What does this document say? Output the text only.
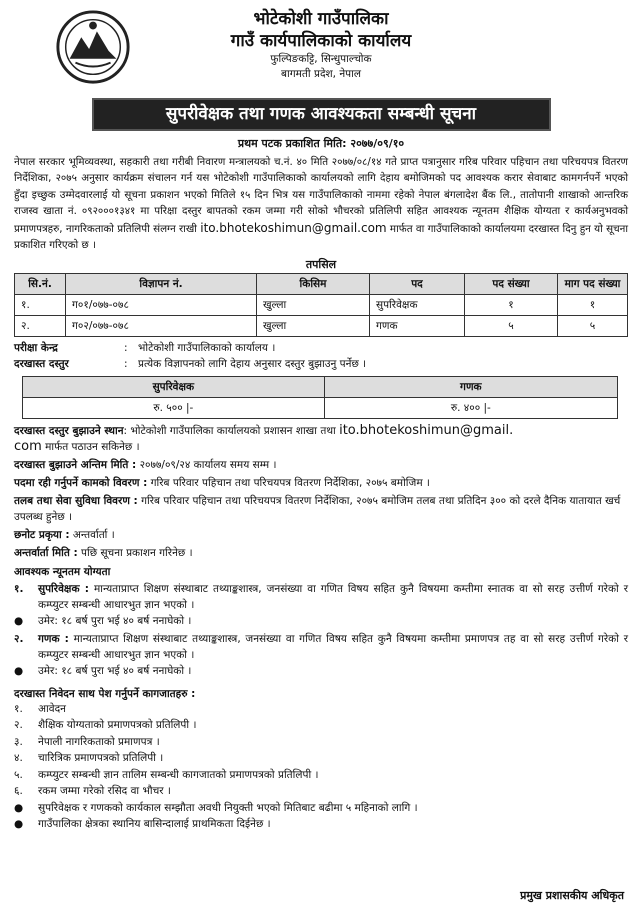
भोटेकोशी गाउँपालिका
गाउँ कार्यपालिकाको कार्यालय
फुल्पिङकट्टि, सिन्धुपाल्चोक
बागमती प्रदेश, नेपाल
सुपरीवेक्षक तथा गणक आवश्यकता सम्बन्धी सूचना
प्रथम पटक प्रकाशित मिति: २०७७/०९/१०
नेपाल सरकार भूमिव्यवस्था, सहकारी तथा गरीबी निवारण मन्त्रालयको च.नं. ४० मिति २०७७/०८/१४ गते प्राप्त पत्रानुसार गरिब परिवार पहिचान तथा परिचयपत्र वितरण निर्देशिका, २०७५ अनुसार कार्यक्रम संचालन गर्न यस भोटेकोशी गाउँपालिकाको कार्यालयको लागि देहाय बमोजिमको पद आवश्यक करार सेवाबाट कामगर्नपर्ने भएको हुँदा इच्छुक उम्मेदवारलाई यो सूचना प्रकाशन भएको मितिले १५ दिन भित्र यस गाउँपालिकाको नाममा रहेको नेपाल बंगलादेश बैंक लि., तातोपानी शाखाको आन्तरिक राजस्व खाता नं. ०९२०००१३४१ मा परिक्षा दस्तुर बापतको रकम जम्मा गरी सोको भौचरको प्रतिलिपी सहित आवश्यक न्यूनतम शैक्षिक योग्यता र कार्यअनुभवको प्रमाणपत्रहरु, नागरिकताको प्रतिलिपी संलग्न राखी ito.bhotekoshimun@gmail.com मार्फत वा गाउँपालिकाको कार्यालयमा दरखास्त दिनु हुन यो सूचना प्रकाशित गरिएको छ ।
तपसिल
सि.नं.	विज्ञापन नं.	किसिम	पद	पद संख्या	माग पद संख्या
१.	ग०१/०७७-०७८	खुल्ला	सुपरिवेक्षक	१	१
२.	ग०२/०७७-०७८	खुल्ला	गणक	५	५
परीक्षा केन्द्र	: भोटेकोशी गाउँपालिकाको कार्यालय ।
दरखास्त दस्तुर	: प्रत्येक विज्ञापनको लागि देहाय अनुसार दस्तुर बुझाउनु पर्नेछ ।
सुपरिवेक्षक	गणक
रु. ५०० |-	रु. ४०० |-
दरखास्त दस्तुर बुझाउने स्थान: भोटेकोशी गाउँपालिका कार्यालयको प्रशासन शाखा तथा ito.bhotekoshimun@gmail.
com मार्फत पठाउन सकिनेछ ।
दरखास्त बुझाउने अन्तिम मिति : २०७७/०९/२४ कार्यालय समय सम्म ।
पदमा रही गर्नुपर्ने कामको विवरण : गरिब परिवार पहिचान तथा परिचयपत्र वितरण निर्देशिका, २०७५ बमोजिम ।
तलब तथा सेवा सुविधा विवरण : गरिब परिवार पहिचान तथा परिचयपत्र वितरण निर्देशिका, २०७५ बमोजिम तलब तथा प्रतिदिन ३०० को दरले दैनिक यातायात खर्च उपलब्ध हुनेछ ।
छनोट प्रकृया : अन्तर्वार्ता ।
अन्तर्वार्ता मिति : पछि सूचना प्रकाशन गरिनेछ ।
आवश्यक न्यूनतम योग्यता
१.	सुपरिवेक्षक : मान्यताप्राप्त शिक्षण संस्थाबाट तथ्याङ्कशास्त्र, जनसंख्या वा गणित विषय सहित कुनै विषयमा कम्तीमा स्नातक वा सो सरह उत्तीर्ण गरेको र कम्प्युटर सम्बन्धी आधारभुत ज्ञान भएको ।
●	उमेर: १८ बर्ष पुरा भई ४० बर्ष ननाघेको ।
२.	गणक : मान्यताप्राप्त शिक्षण संस्थाबाट तथ्याङ्कशास्त्र, जनसंख्या वा गणित विषय सहित कुनै विषयमा कम्तीमा प्रमाणपत्र तह वा सो सरह उत्तीर्ण गरेको र कम्प्युटर सम्बन्धी आधारभुत ज्ञान भएको ।
●	उमेर: १८ बर्ष पुरा भई ४० बर्ष ननाघेको ।
दरखास्त निवेदन साथ पेश गर्नुपर्ने कागजातहरु :
१.	आवेदन
२.	शैक्षिक योग्यताको प्रमाणपत्रको प्रतिलिपी ।
३.	नेपाली नागरिकताको प्रमाणपत्र ।
४.	चारित्रिक प्रमाणपत्रको प्रतिलिपी ।
५.	कम्प्युटर सम्बन्धी ज्ञान तालिम सम्बन्धी कागजातको प्रमाणपत्रको प्रतिलिपी ।
६.	रकम जम्मा गरेको रसिद वा भौचर ।
●	सुपरिवेक्षक र गणकको कार्यकाल सम्झौता अवधी नियुक्ती भएको मितिबाट बढीमा ५ महिनाको लागि ।
●	गाउँपालिका क्षेत्रका स्थानिय बासिन्दालाई प्राथमिकता दिईनेछ ।
प्रमुख प्रशासकीय अधिकृत
